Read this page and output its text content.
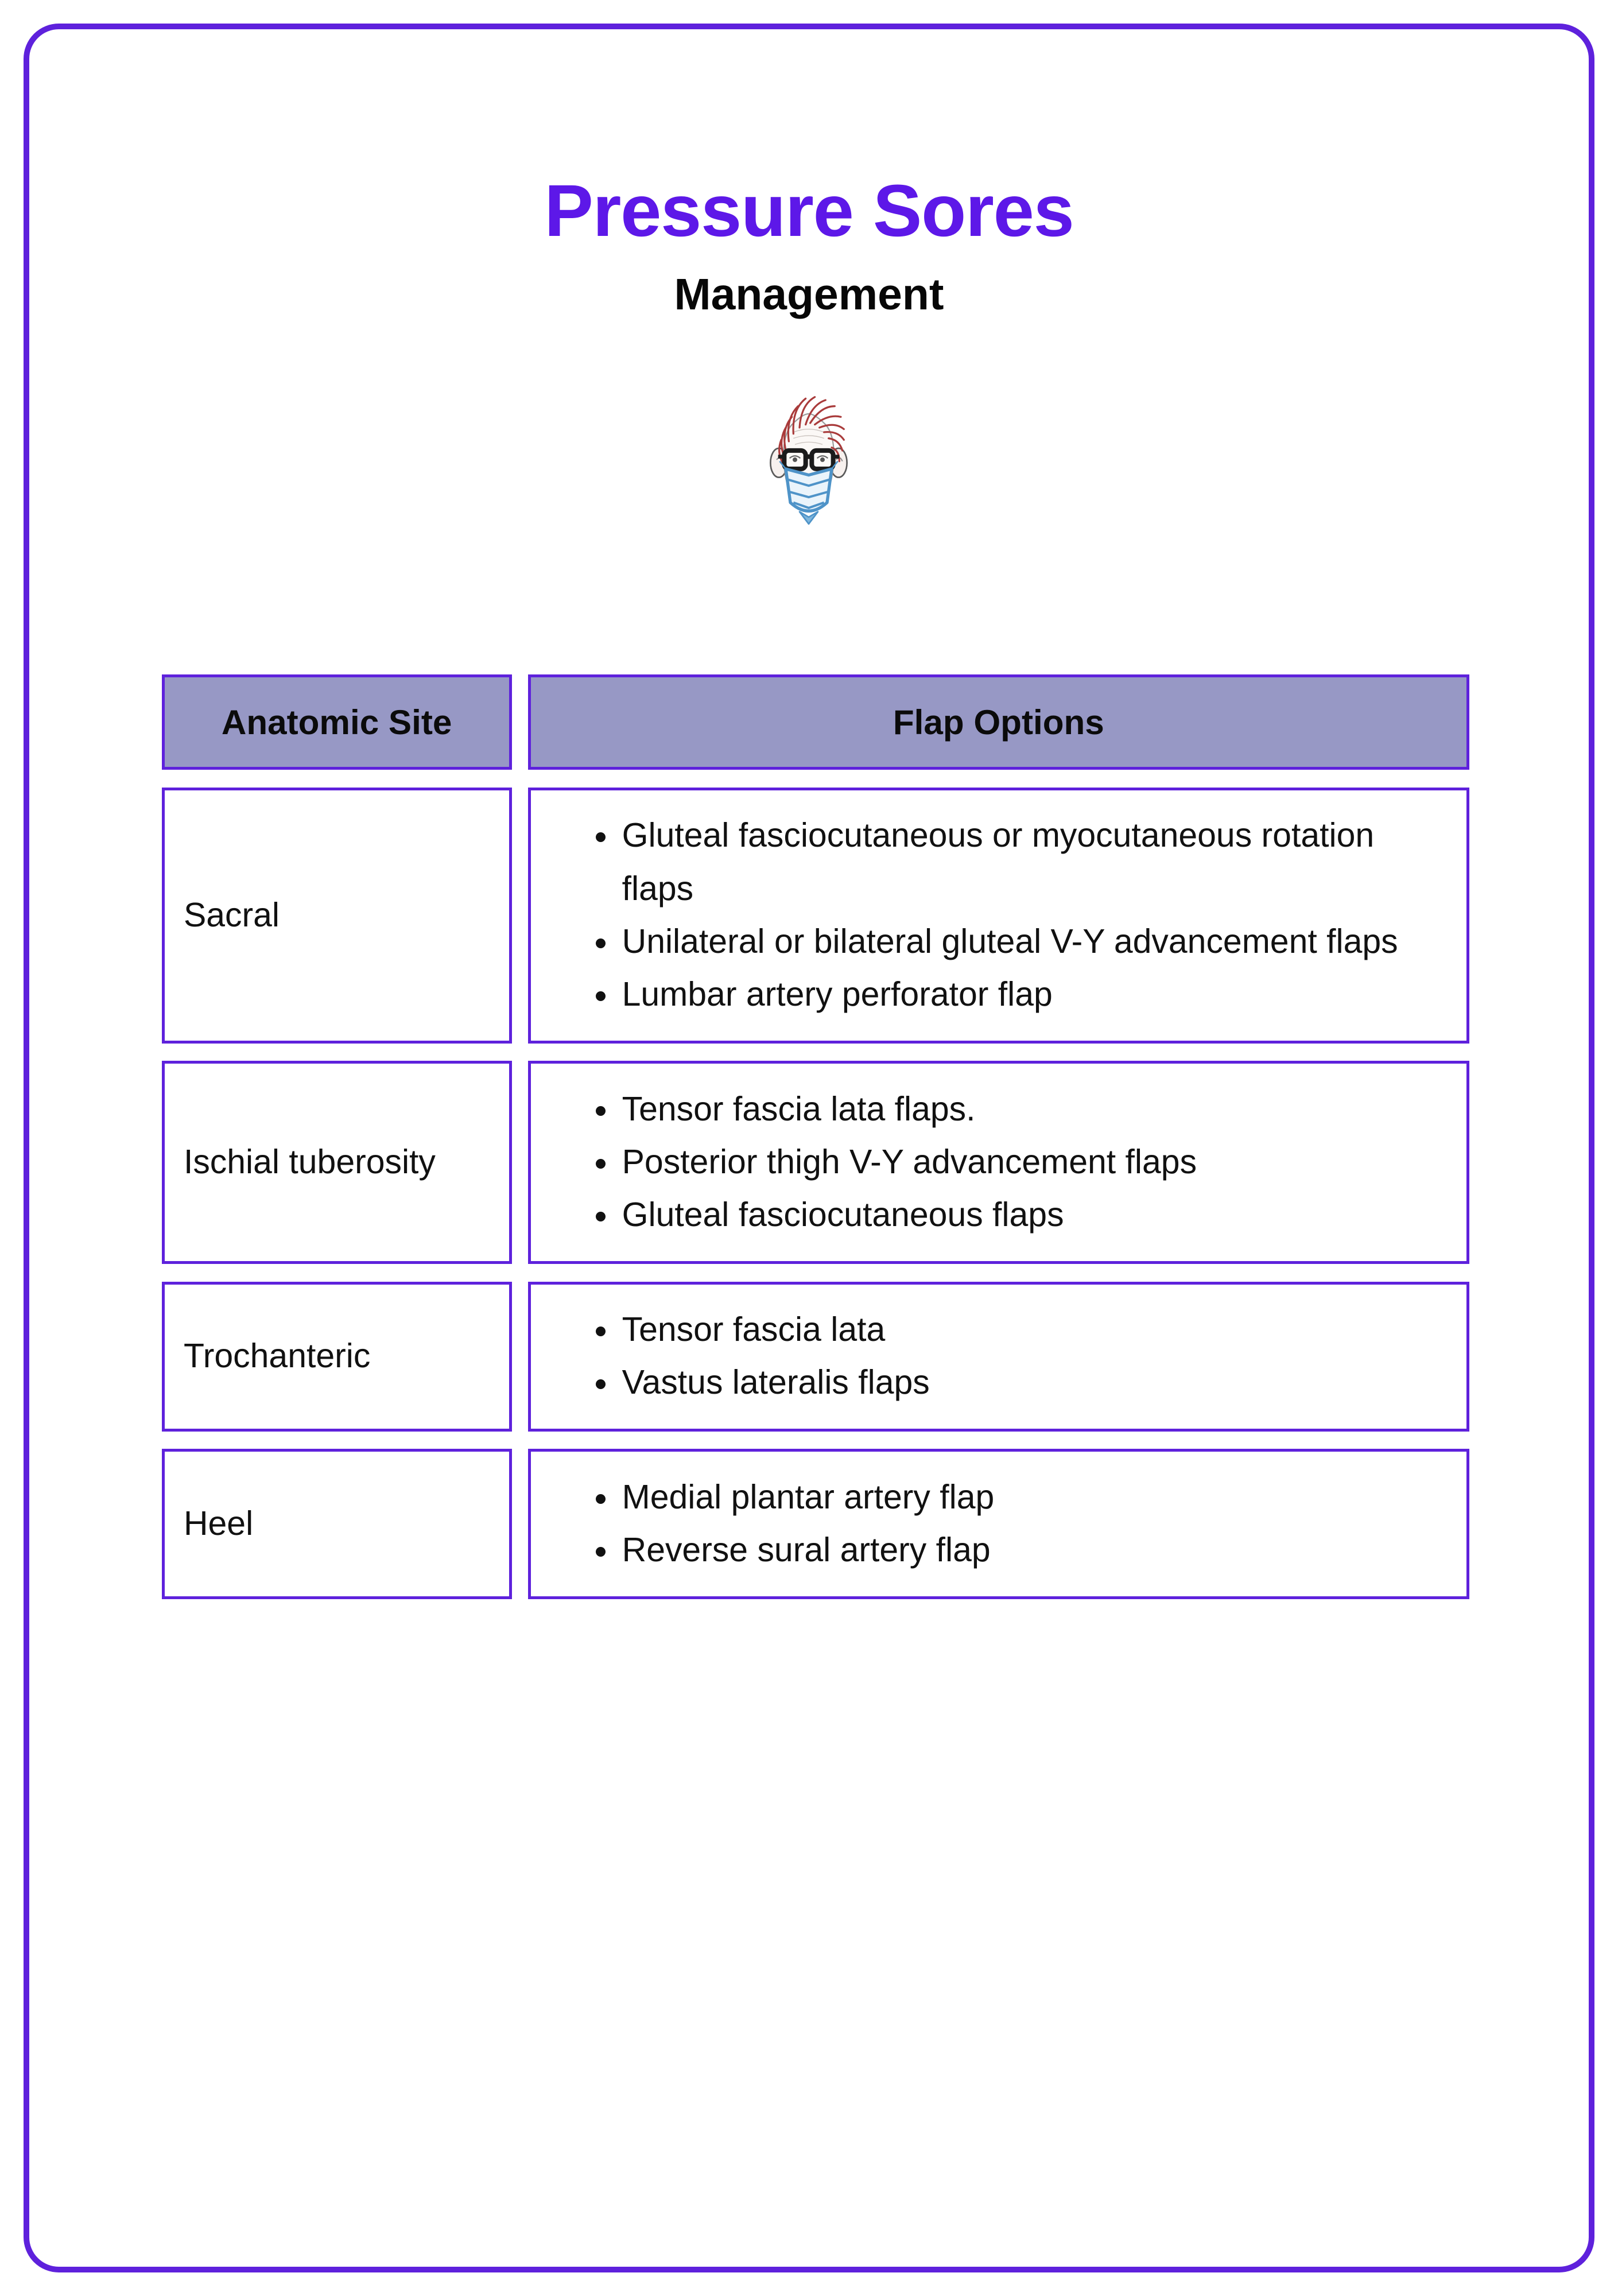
Pressure Sores
Management
Anatomic Site	Flap Options
Sacral
• Gluteal fasciocutaneous or myocutaneous rotation flaps
• Unilateral or bilateral gluteal V-Y advancement flaps
• Lumbar artery perforator flap
Ischial tuberosity
• Tensor fascia lata flaps.
• Posterior thigh V-Y advancement flaps
• Gluteal fasciocutaneous flaps
Trochanteric
• Tensor fascia lata
• Vastus lateralis flaps
Heel
• Medial plantar artery flap
• Reverse sural artery flap
